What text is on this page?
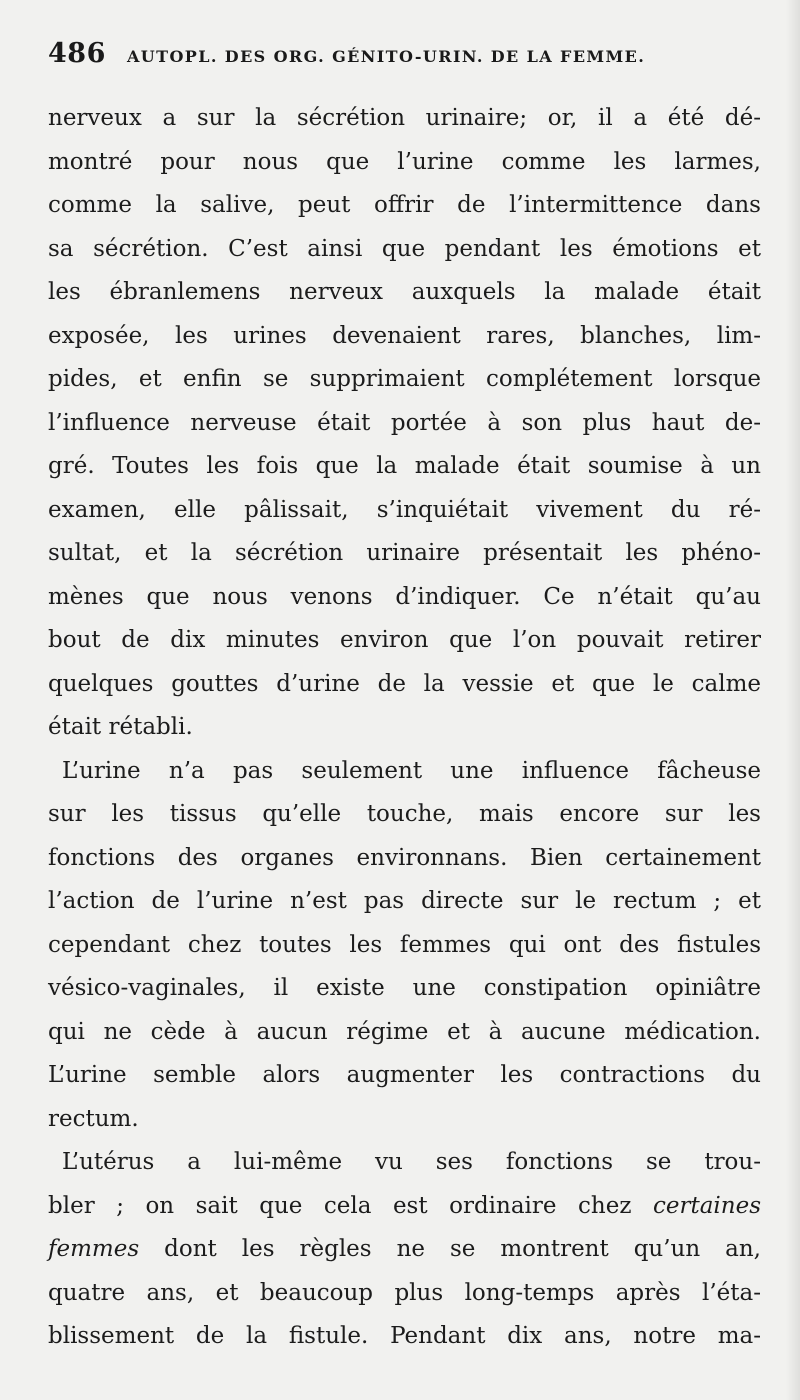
486 AUTOPL. DES ORG. GÉNITO-URIN. DE LA FEMME.
nerveux a sur la sécrétion urinaire; or, il a été dé-
montré pour nous que l’urine comme les larmes,
comme la salive, peut offrir de l’intermittence dans
sa sécrétion. C’est ainsi que pendant les émotions et
les ébranlemens nerveux auxquels la malade était
exposée, les urines devenaient rares, blanches, lim-
pides, et enfin se supprimaient complétement lorsque
l’influence nerveuse était portée à son plus haut de-
gré. Toutes les fois que la malade était soumise à un
examen, elle pâlissait, s’inquiétait vivement du ré-
sultat, et la sécrétion urinaire présentait les phéno-
mènes que nous venons d’indiquer. Ce n’était qu’au
bout de dix minutes environ que l’on pouvait retirer
quelques gouttes d’urine de la vessie et que le calme
était rétabli.
L’urine n’a pas seulement une influence fâcheuse
sur les tissus qu’elle touche, mais encore sur les
fonctions des organes environnans. Bien certainement
l’action de l’urine n’est pas directe sur le rectum ; et
cependant chez toutes les femmes qui ont des fistules
vésico-vaginales, il existe une constipation opiniâtre
qui ne cède à aucun régime et à aucune médication.
L’urine semble alors augmenter les contractions du
rectum.
L’utérus a lui-même vu ses fonctions se trou-
bler ; on sait que cela est ordinaire chez certaines
femmes dont les règles ne se montrent qu’un an,
quatre ans, et beaucoup plus long-temps après l’éta-
blissement de la fistule. Pendant dix ans, notre ma-
